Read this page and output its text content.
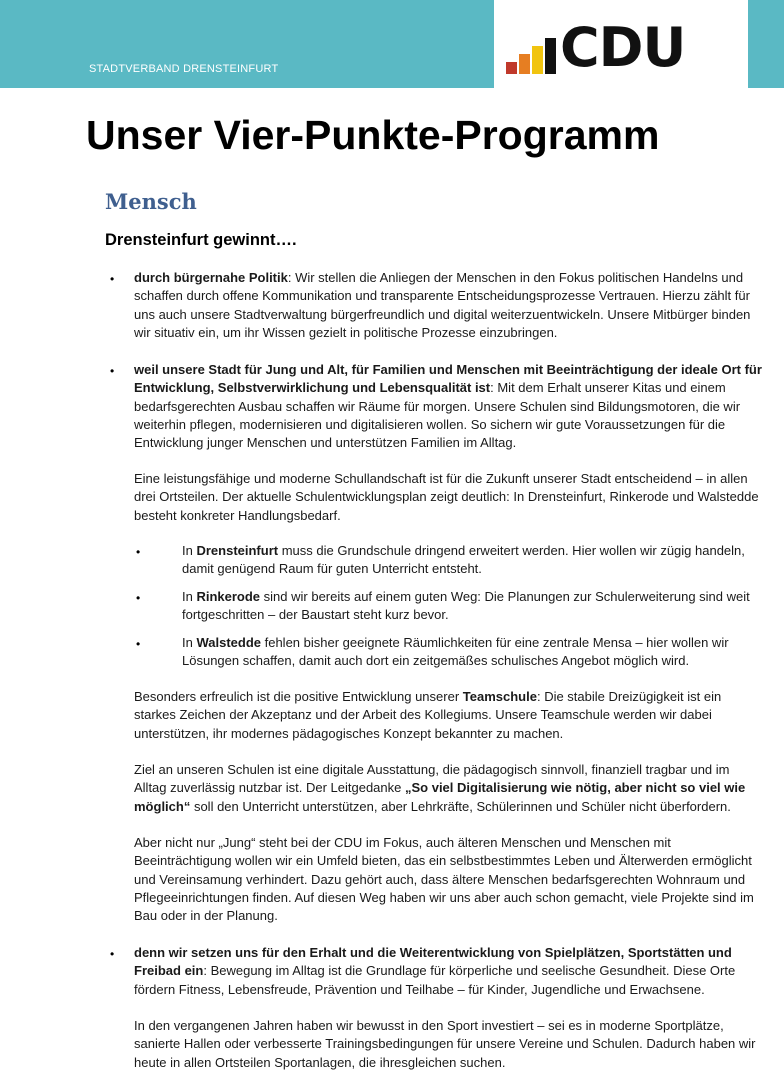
STADTVERBAND DRENSTEINFURT	CDU
Unser Vier-Punkte-Programm
Mensch
Drensteinfurt gewinnt….
• durch bürgernahe Politik: Wir stellen die Anliegen der Menschen in den Fokus politischen Handelns und schaffen durch offene Kommunikation und transparente Entscheidungsprozesse Vertrauen. Hierzu zählt für uns auch unsere Stadtverwaltung bürgerfreundlich und digital weiterzuentwickeln. Unsere Mitbürger binden wir situativ ein, um ihr Wissen gezielt in politische Prozesse einzubringen.
• weil unsere Stadt für Jung und Alt, für Familien und Menschen mit Beeinträchtigung der ideale Ort für Entwicklung, Selbstverwirklichung und Lebensqualität ist: Mit dem Erhalt unserer Kitas und einem bedarfsgerechten Ausbau schaffen wir Räume für morgen. Unsere Schulen sind Bildungsmotoren, die wir weiterhin pflegen, modernisieren und digitalisieren wollen. So sichern wir gute Voraussetzungen für die Entwicklung junger Menschen und unterstützen Familien im Alltag.
Eine leistungsfähige und moderne Schullandschaft ist für die Zukunft unserer Stadt entscheidend – in allen drei Ortsteilen. Der aktuelle Schulentwicklungsplan zeigt deutlich: In Drensteinfurt, Rinkerode und Walstedde besteht konkreter Handlungsbedarf.
•	In Drensteinfurt muss die Grundschule dringend erweitert werden. Hier wollen wir zügig handeln, damit genügend Raum für guten Unterricht entsteht.
•	In Rinkerode sind wir bereits auf einem guten Weg: Die Planungen zur Schulerweiterung sind weit fortgeschritten – der Baustart steht kurz bevor.
•	In Walstedde fehlen bisher geeignete Räumlichkeiten für eine zentrale Mensa – hier wollen wir Lösungen schaffen, damit auch dort ein zeitgemäßes schulisches Angebot möglich wird.
Besonders erfreulich ist die positive Entwicklung unserer Teamschule: Die stabile Dreizügigkeit ist ein starkes Zeichen der Akzeptanz und der Arbeit des Kollegiums. Unsere Teamschule werden wir dabei unterstützen, ihr modernes pädagogisches Konzept bekannter zu machen.
Ziel an unseren Schulen ist eine digitale Ausstattung, die pädagogisch sinnvoll, finanziell tragbar und im Alltag zuverlässig nutzbar ist. Der Leitgedanke „So viel Digitalisierung wie nötig, aber nicht so viel wie möglich“ soll den Unterricht unterstützen, aber Lehrkräfte, Schülerinnen und Schüler nicht überfordern.
Aber nicht nur „Jung“ steht bei der CDU im Fokus, auch älteren Menschen und Menschen mit Beeinträchtigung wollen wir ein Umfeld bieten, das ein selbstbestimmtes Leben und Älterwerden ermöglicht und Vereinsamung verhindert. Dazu gehört auch, dass ältere Menschen bedarfsgerechten Wohnraum und Pflegeeinrichtungen finden. Auf diesen Weg haben wir uns aber auch schon gemacht, viele Projekte sind im Bau oder in der Planung.
• denn wir setzen uns für den Erhalt und die Weiterentwicklung von Spielplätzen, Sportstätten und Freibad ein: Bewegung im Alltag ist die Grundlage für körperliche und seelische Gesundheit. Diese Orte fördern Fitness, Lebensfreude, Prävention und Teilhabe – für Kinder, Jugendliche und Erwachsene.
In den vergangenen Jahren haben wir bewusst in den Sport investiert – sei es in moderne Sportplätze, sanierte Hallen oder verbesserte Trainingsbedingungen für unsere Vereine und Schulen. Dadurch haben wir heute in allen Ortsteilen Sportanlagen, die ihresgleichen suchen.
